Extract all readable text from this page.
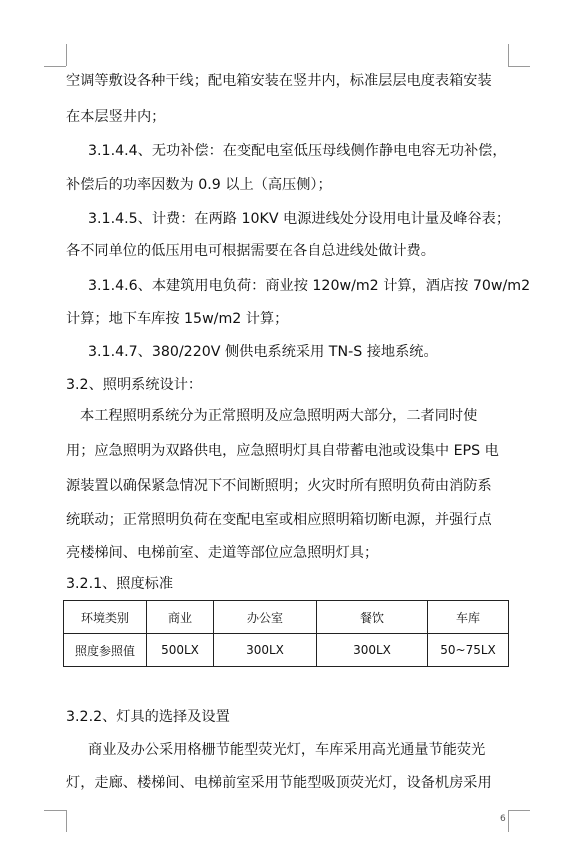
空调等敷设各种干线；配电箱安装在竖井内，标准层层电度表箱安装
在本层竖井内；
3.1.4.4、无功补偿：在变配电室低压母线侧作静电电容无功补偿，
补偿后的功率因数为 0.9 以上（高压侧）；
3.1.4.5、计费：在两路 10KV 电源进线处分设用电计量及峰谷表；
各不同单位的低压用电可根据需要在各自总进线处做计费。
3.1.4.6、本建筑用电负荷：商业按 120w/m2 计算，酒店按 70w/m2
计算；地下车库按 15w/m2 计算；
3.1.4.7、380/220V 侧供电系统采用 TN-S 接地系统。
3.2、照明系统设计：
本工程照明系统分为正常照明及应急照明两大部分，二者同时使
用；应急照明为双路供电，应急照明灯具自带蓄电池或设集中 EPS 电
源装置以确保紧急情况下不间断照明；火灾时所有照明负荷由消防系
统联动；正常照明负荷在变配电室或相应照明箱切断电源，并强行点
亮楼梯间、电梯前室、走道等部位应急照明灯具；
3.2.1、照度标准
环境类别	商业	办公室	餐饮	车库
照度参照值	500LX	300LX	300LX	50~75LX
3.2.2、灯具的选择及设置
商业及办公采用格栅节能型荧光灯，车库采用高光通量节能荧光
灯，走廊、楼梯间、电梯前室采用节能型吸顶荧光灯，设备机房采用
6
